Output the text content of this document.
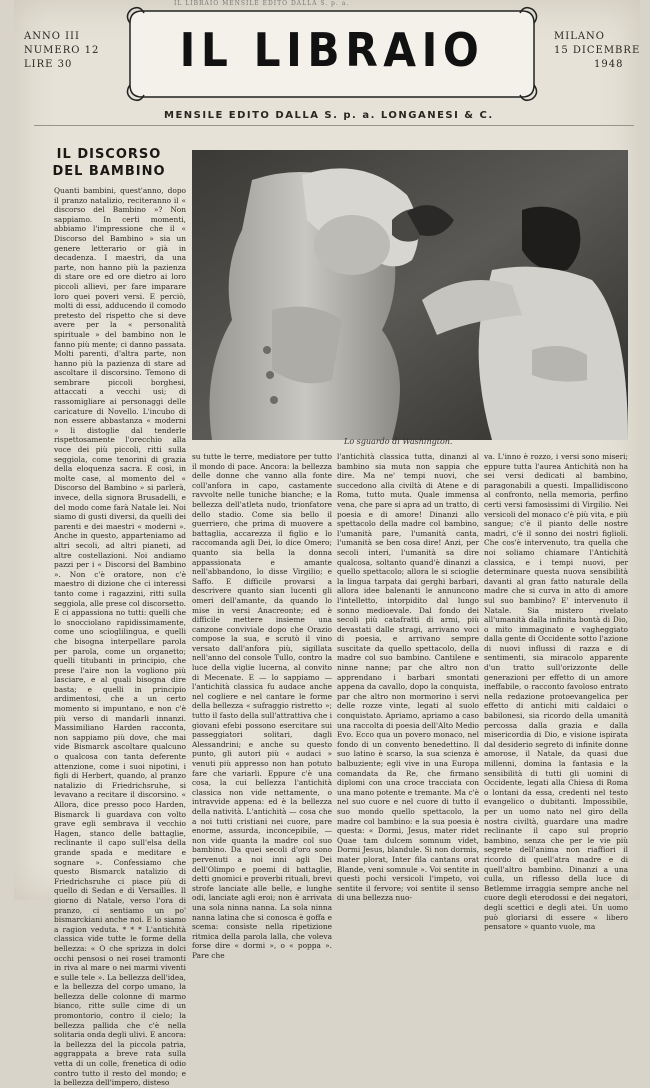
IL LIBRAIO MENSILE EDITO DALLA S. p. a.
ANNO III
NUMERO 12
LIRE 30	IL LIBRAIO	MILANO
15 DICEMBRE
1948
MENSILE EDITO DALLA S. p. a. LONGANESI & C.
IL DISCORSO
DEL BAMBINO
Lo sguardo di Washington.

Quanti bambini, quest'anno, dopo il pranzo natalizio, reciteranno il « discorso del Bambino »? Non sappiamo. In certi momenti, abbiamo l'impressione che il « Discorso del Bambino » sia un genere letterario or già in decadenza. I maestri, da una parte, non hanno più la pazienza di stare ore ed ore dietro ai loro piccoli allievi, per fare imparare loro quei poveri versi. E perciò, molti di essi, adducendo il comodo pretesto del rispetto che si deve avere per la « personalità spirituale » del bambino non le fanno più mente; ci danno passata. Molti parenti, d'altra parte, non hanno più la pazienza di stare ad ascoltare il discorsino. Temono di sembrare piccoli borghesi, attaccati a vecchi usi; di rassomigliare ai personaggi delle caricature di Novello. L'incubo di non essere abbastanza « moderni » li distoglie dal tenderle rispettosamente l'orecchio alla voce dei più piccoli, ritti sulla seggiola, come tenorini di grazia della eloquenza sacra. E così, in molte case, al momento del « Discorso del Bambino » si parlerà, invece, della signora Brusadelli, e del modo come farà Natale lei. Noi siamo di gusti diversi, da quelli dei parenti e dei maestri « moderni ». Anche in questo, apparteniamo ad altri secoli, ad altri pianeti, ad altre costellazioni. Noi andiamo pazzi per i « Discorsi del Bambino ». Non c'è oratore, non c'è maestro di dizione che ci interessi tanto come i ragazzini, ritti sulla seggiola, alle prese col discorsetto. E ci appassiona no tutti: quelli che lo snocciolano rapidissimamente, come uno scioglilingua, e quelli che bisogna interpellare parola per parola, come un organetto; quelli titubanti in principio, che prese l'aire non la vogliono più lasciare, e al quali bisogna dire basta; e quelli in principio ardimentosi, che a un certo momento si impuntano, e non c'è più verso di mandarli innanzi. Massimiliano Harden racconta, non sappiamo più dove, che mai vide Bismarck ascoltare qualcuno o qualcosa con tanta deferente attenzione, come i suoi nipotini, i figli di Herbert, quando, al pranzo natalizio di Friedrichsruhe, si levavano a recitare il discorsino. « Allora, dice presso poco Harden, Bismarck li guardava con volto grave egli sembrava il vecchio Hagen, stanco delle battaglie, reclinante il capo sull'elsa della grande spada e meditare e sognare ». Confessiamo che questo Bismarck natalizio di Friedrichsruhe ci piace più di quello di Sedan e di Versailles. Il giorno di Natale, verso l'ora di pranzo, ci sentiamo un po' bismarckiani anche noi. E lo siamo a ragion veduta. * * * L'antichità classica vide tutte le forme della bellezza: « O che sprizza in dolci occhi pensosi o nei rosei tramonti in riva al mare o nei marmi viventi e sulle tele ». La bellezza dell'idea, e la bellezza del corpo umano, la bellezza delle colonne di marmo bianco, ritte sulle cime di un promontorio, contro il cielo; la bellezza pallida che c'è nella solitaria onda degli ulivi. E ancora: la bellezza del la piccola patria, aggrappata a breve rata sulla vetta di un colle, frenetica di odio contro tutto il resto del mondo; e la bellezza dell'impero, disteso

su tutte le terre, mediatore per tutto il mondo di pace. Ancora: la bellezza delle donne che vanno alla fonte coll'anfora in capo, castamente ravvolte nelle tuniche bianche; e la bellezza dell'atleta nudo, trionfatore dello stadio. Come sia bello il guerriero, che prima di muovere a battaglia, accarezza il figlio e lo raccomanda agli Dei, lo dice Omero; quanto sia bella la donna appassionata e amante nell'abbandono, lo disse Virgilio; e Saffo. E difficile provarsi a descrivere quanto sian lucenti gli omeri dell'amante, da quando lo mise in versi Anacreonte; ed è difficile mettere insieme una canzone conviviale dopo che Orazio compose la sua, e scrutò il vino versato dall'anfora più, sigillata nell'anno del console Tullo, contro la luce della viglie lucerna, al convito di Mecenate. E — lo sappiamo — l'antichità classica fu audace anche nel cogliere e nel cantare le forme della bellezza « sufraggio ristretto »; tutto il fasto della sull'attrattiva che i giovani efebi possono esercitare sui passeggiatori solitari, dagli Alessandrini; e anche su questo punto, gli autori più « audaci » venuti più appresso non han potuto fare che variarli. Eppure c'è una cosa, la cui bellezza l'antichità classica non vide nettamente, o intravvide appena: ed è la bellezza della natività. L'antichità — cosa che a noi tutti cristiani nei cuore, pare enorme, assurda, inconcepibile, — non vide quanta la madre col suo bambino. Da quei secoli d'oro sono pervenuti a noi inni agli Dei dell'Olimpo e poemi di battaglie, detti gnomici e proverbi rituali, brevi strofe lanciate alle belle, e lunghe odi, lanciate agli eroi; non è arrivata una sola ninna nanna. La sola ninna nanna latina che si conosca è goffa e scema: consiste nella ripetizione ritmica della parola lalla, che voleva forse dire « dormi », o « poppa ». Pare che

l'antichità classica tutta, dinanzi al bambino sia muta non sappia che dire. Ma ne' tempi nuovi, che succedono alla civiltà di Atene e di Roma, tutto muta. Quale immensa vena, che pare si apra ad un tratto, di poesia e di amore! Dinanzi allo spettacolo della madre col bambino, l'umanità pare, l'umanità canta, l'umanità se ben cosa dire! Anzi, per secoli interi, l'umanità sa dire qualcosa, soltanto quand'è dinanzi a quello spettacolo; allora le si scioglie la lingua tarpata dai gerghi barbari, allora idee balenanti le annuncono l'intelletto, intorpidito dal lungo sonno medioevale. Dal fondo dei secoli più catafratti di armi, più devastati dalle stragi, arrivano voci di poesia, e arrivano sempre suscitate da quello spettacolo, della madre col suo bambino. Cantilene e ninne nanne; par che altro non apprendano i barbari smontati appena da cavallo, dopo la conquista, par che altro non mormorino i servi delle rozze vinte, legati al suolo conquistato. Apriamo, apriamo a caso una raccolta di poesia dell'Alto Medio Evo. Ecco qua un povero monaco, nel fondo di un convento benedettino. Il suo latino è scarso, la sua scienza è balbuziente; egli vive in una Europa comandata da Re, che firmano diplomi con una croce tracciata con una mano potente e tremante. Ma c'è nel suo cuore e nel cuore di tutto il suo mondo quello spettacolo, la madre col bambino: e la sua poesia è questa: « Dormi, Jesus, mater ridet Quae tam dulcem somnum videt, Dormi Jesus, blandule. Si non dormis, mater plorat, Inter fila cantans orat Blande, veni somnule ». Voi sentite in questi pochi versicoli l'impeto, voi sentite il fervore; voi sentite il senso di una bellezza nuo-

va. L'inno è rozzo, i versi sono miseri; eppure tutta l'aurea Antichità non ha sei versi dedicati al bambino, paragonabili a questi. Impallidiscono al confronto, nella memoria, perfino certi versi famosissimi di Virgilio. Nei versicoli del monaco c'è più vita, e più sangue; c'è il pianto delle nostre madri, c'è il sonno dei nostri figlioli. Che cos'è intervenuto, tra quella che noi soliamo chiamare l'Antichità classica, e i tempi nuovi, per determinare questa nuova sensibilità davanti al gran fatto naturale della madre che si curva in atto di amore sul suo bambino? E' intervenuto il Natale. Sia mistero rivelato all'umanità dalla infinita bontà di Dio, o mito immaginato e vagheggiato dalla gente di Occidente sotto l'azione di nuovi influssi di razza e di sentimenti, sia miracolo apparente d'un tratto sull'orizzonte delle generazioni per effetto di un amore ineffabile, o racconto favoloso entrato nella redazione protoevangelica per effetto di antichi miti caldaici o babilonesi, sia ricordo della umanità percossa dalla grazia e dalla misericordia di Dio, e visione ispirata dal desiderio segreto di infinite donne amorose, il Natale, da quasi due millenni, domina la fantasia e la sensibilità di tutti gli uomini di Occidente, legati alla Chiesa di Roma o lontani da essa, credenti nel testo evangelico o dubitanti. Impossibile, per un uomo nato nel giro della nostra civiltà, guardare una madre reclinante il capo sul proprio bambino, senza che per le vie più segrete dell'anima non riaffiori il ricordo di quell'atra madre e di quell'altro bambino. Dinanzi a una culla, un riflesso della luce di Betlemme irraggia sempre anche nel cuore degli eterodossi e dei negatori, degli scettici e degli atei. Un uomo può gloriarsi di essere « libero pensatore » quanto vuole, ma
